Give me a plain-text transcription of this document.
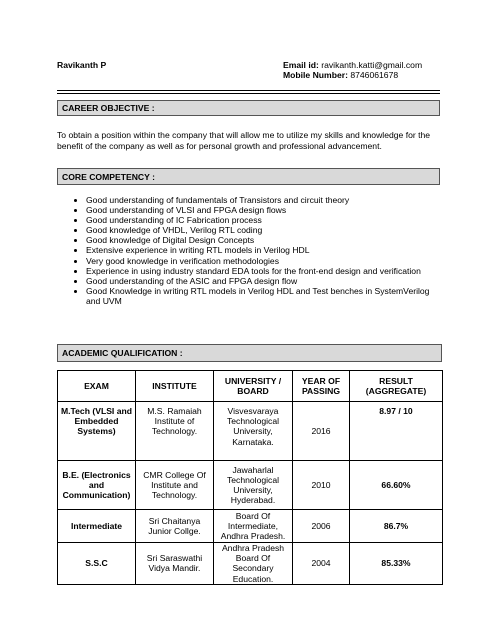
Ravikanth P	Email id: ravikanth.katti@gmail.com
Mobile Number: 8746061678
CAREER OBJECTIVE :
To obtain a position within the company that will allow me to utilize my skills and knowledge for the benefit of the company as well as for personal growth and professional advancement.
CORE COMPETENCY :
• Good understanding of fundamentals of Transistors and circuit theory
• Good understanding of VLSI and FPGA design flows
• Good understanding of IC Fabrication process
• Good knowledge of VHDL, Verilog RTL coding
• Good knowledge of Digital Design Concepts
• Extensive experience in writing RTL models in Verilog HDL
• Very good knowledge in verification methodologies
• Experience in using industry standard EDA tools for the front-end design and verification
• Good understanding of the ASIC and FPGA design flow
• Good Knowledge in writing RTL models in Verilog HDL and Test benches in SystemVerilog and UVM
ACADEMIC QUALIFICATION :
EXAM	INSTITUTE	UNIVERSITY / BOARD	YEAR OF PASSING	RESULT (AGGREGATE)
M.Tech (VLSI and Embedded Systems)	M.S. Ramaiah Institute of Technology.	Visvesvaraya Technological University, Karnataka.	2016	8.97 / 10
B.E. (Electronics and Communication)	CMR College Of Institute and Technology.	Jawaharlal Technological University, Hyderabad.	2010	66.60%
Intermediate	Sri Chaitanya Junior Collge.	Board Of Intermediate, Andhra Pradesh.	2006	86.7%
S.S.C	Sri Saraswathi Vidya Mandir.	Andhra Pradesh Board Of Secondary Education.	2004	85.33%
